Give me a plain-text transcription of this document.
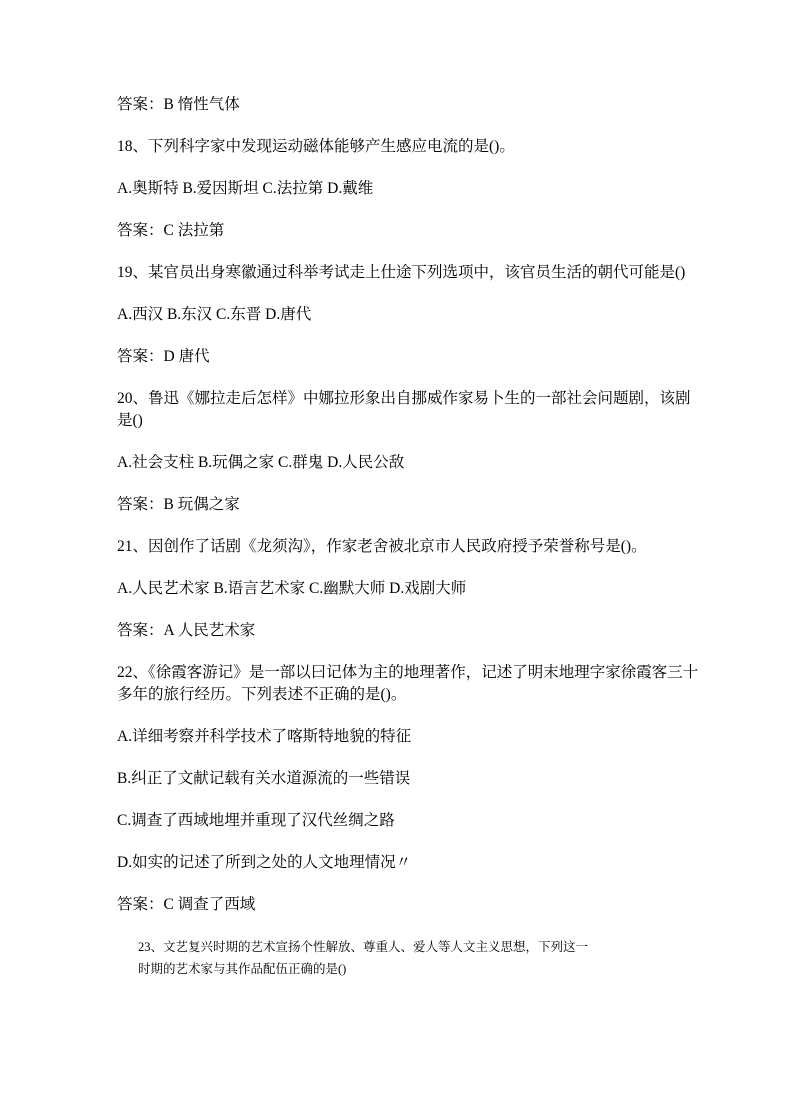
答案：B 惰性气体

18、下列科字家中发现运动磁体能够产生感应电流的是()。

A.奥斯特 B.爱因斯坦 C.法拉第 D.戴维

答案：C 法拉第

19、某官员出身寒徽通过科举考试走上仕途下列选项中，该官员生活的朝代可能是()

A.西汉 B.东汉 C.东晋 D.唐代

答案：D 唐代

20、鲁迅《娜拉走后怎样》中娜拉形象出自挪威作家易卜生的一部社会问题剧，该剧是()

A.社会支柱 B.玩偶之家 C.群鬼 D.人民公敌

答案：B 玩偶之家

21、因创作了话剧《龙须沟》，作家老舍被北京市人民政府授予荣誉称号是()。

A.人民艺术家 B.语言艺术家 C.幽默大师 D.戏剧大师

答案：A 人民艺术家

22、《徐霞客游记》是一部以曰记体为主的地理著作，记述了明末地理字家徐霞客三十多年的旅行经历。下列表述不正确的是()。

A.详细考察并科学技术了喀斯特地貌的特征

B.纠正了文献记载有关水道源流的一些错误

C.调查了西域地埋并重现了汉代丝绸之路

D.如实的记述了所到之处的人文地理情况〃

答案：C 调查了西域

23、文艺复兴时期的艺术宣扬个性解放、尊重人、爱人等人文主义思想，下列这一时期的艺术家与其作品配伍正确的是()
